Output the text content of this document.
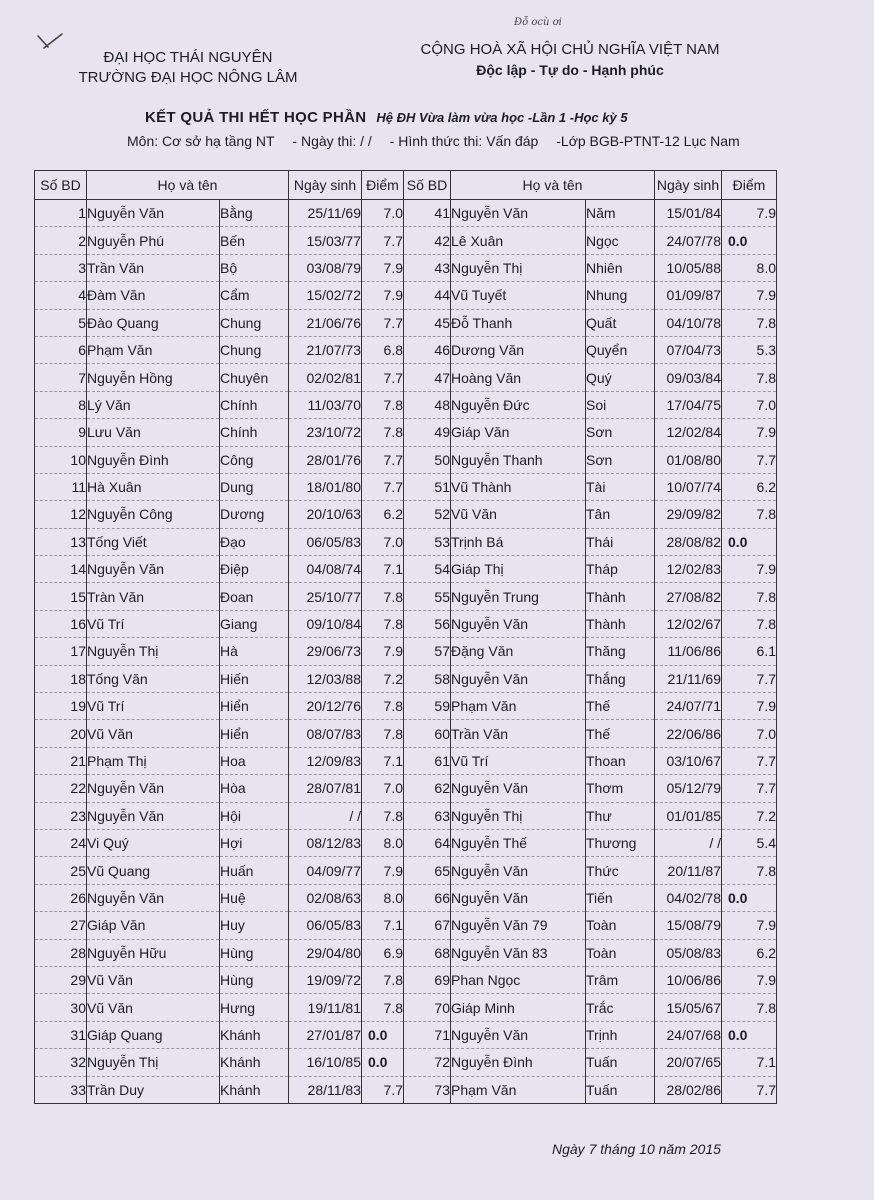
Đỗ ocù ơi
ĐẠI HỌC THÁI NGUYÊN
TRƯỜNG ĐẠI HỌC NÔNG LÂM
CỘNG HOÀ XÃ HỘI CHỦ NGHĨA VIỆT NAM
Độc lập - Tự do - Hạnh phúc
KẾT QUẢ THI HẾT HỌC PHẦN Hệ ĐH Vừa làm vừa học -Lần 1 -Học kỳ 5
Môn: Cơ sở hạ tầng NT - Ngày thi: / / - Hình thức thi: Vấn đáp -Lớp BGB-PTNT-12 Lục Nam
Số BD	Họ và tên		Ngày sinh	Điểm	Số BD	Họ và tên		Ngày sinh	Điểm
1	Nguyễn Văn	Bằng	25/11/69	7.0	41	Nguyễn Văn	Năm	15/01/84	7.9
2	Nguyễn Phú	Bến	15/03/77	7.7	42	Lê Xuân	Ngọc	24/07/78	0.0
3	Trần Văn	Bộ	03/08/79	7.9	43	Nguyễn Thị	Nhiên	10/05/88	8.0
4	Đàm Văn	Cẩm	15/02/72	7.9	44	Vũ Tuyết	Nhung	01/09/87	7.9
5	Đào Quang	Chung	21/06/76	7.7	45	Đỗ Thanh	Quất	04/10/78	7.8
6	Phạm Văn	Chung	21/07/73	6.8	46	Dương Văn	Quyển	07/04/73	5.3
7	Nguyễn Hồng	Chuyên	02/02/81	7.7	47	Hoàng Văn	Quý	09/03/84	7.8
8	Lý Văn	Chính	11/03/70	7.8	48	Nguyễn Đức	Soi	17/04/75	7.0
9	Lưu Văn	Chính	23/10/72	7.8	49	Giáp Văn	Sơn	12/02/84	7.9
10	Nguyễn Đình	Công	28/01/76	7.7	50	Nguyễn Thanh	Sơn	01/08/80	7.7
11	Hà Xuân	Dung	18/01/80	7.7	51	Vũ Thành	Tài	10/07/74	6.2
12	Nguyễn Công	Dương	20/10/63	6.2	52	Vũ Văn	Tân	29/09/82	7.8
13	Tống Viết	Đạo	06/05/83	7.0	53	Trịnh Bá	Thái	28/08/82	0.0
14	Nguyễn Văn	Điệp	04/08/74	7.1	54	Giáp Thị	Tháp	12/02/83	7.9
15	Tràn Văn	Đoan	25/10/77	7.8	55	Nguyễn Trung	Thành	27/08/82	7.8
16	Vũ Trí	Giang	09/10/84	7.8	56	Nguyễn Văn	Thành	12/02/67	7.8
17	Nguyễn Thị	Hà	29/06/73	7.9	57	Đặng Văn	Thăng	11/06/86	6.1
18	Tống Văn	Hiến	12/03/88	7.2	58	Nguyễn Văn	Thắng	21/11/69	7.7
19	Vũ Trí	Hiển	20/12/76	7.8	59	Phạm Văn	Thế	24/07/71	7.9
20	Vũ Văn	Hiển	08/07/83	7.8	60	Trần Văn	Thế	22/06/86	7.0
21	Phạm Thị	Hoa	12/09/83	7.1	61	Vũ Trí	Thoan	03/10/67	7.7
22	Nguyễn Văn	Hòa	28/07/81	7.0	62	Nguyễn Văn	Thơm	05/12/79	7.7
23	Nguyễn Văn	Hội	/ /	7.8	63	Nguyễn Thị	Thư	01/01/85	7.2
24	Vi Quý	Hợi	08/12/83	8.0	64	Nguyễn Thế	Thương	/ /	5.4
25	Vũ Quang	Huấn	04/09/77	7.9	65	Nguyễn Văn	Thức	20/11/87	7.8
26	Nguyễn Văn	Huệ	02/08/63	8.0	66	Nguyễn Văn	Tiến	04/02/78	0.0
27	Giáp Văn	Huy	06/05/83	7.1	67	Nguyễn Văn 79	Toàn	15/08/79	7.9
28	Nguyễn Hữu	Hùng	29/04/80	6.9	68	Nguyễn Văn 83	Toàn	05/08/83	6.2
29	Vũ Văn	Hùng	19/09/72	7.8	69	Phan Ngọc	Trâm	10/06/86	7.9
30	Vũ Văn	Hưng	19/11/81	7.8	70	Giáp Minh	Trắc	15/05/67	7.8
31	Giáp Quang	Khánh	27/01/87	0.0	71	Nguyễn Văn	Trịnh	24/07/68	0.0
32	Nguyễn Thị	Khánh	16/10/85	0.0	72	Nguyễn Đình	Tuấn	20/07/65	7.1
33	Trần Duy	Khánh	28/11/83	7.7	73	Phạm Văn	Tuấn	28/02/86	7.7
Ngày 7 tháng 10 năm 2015
